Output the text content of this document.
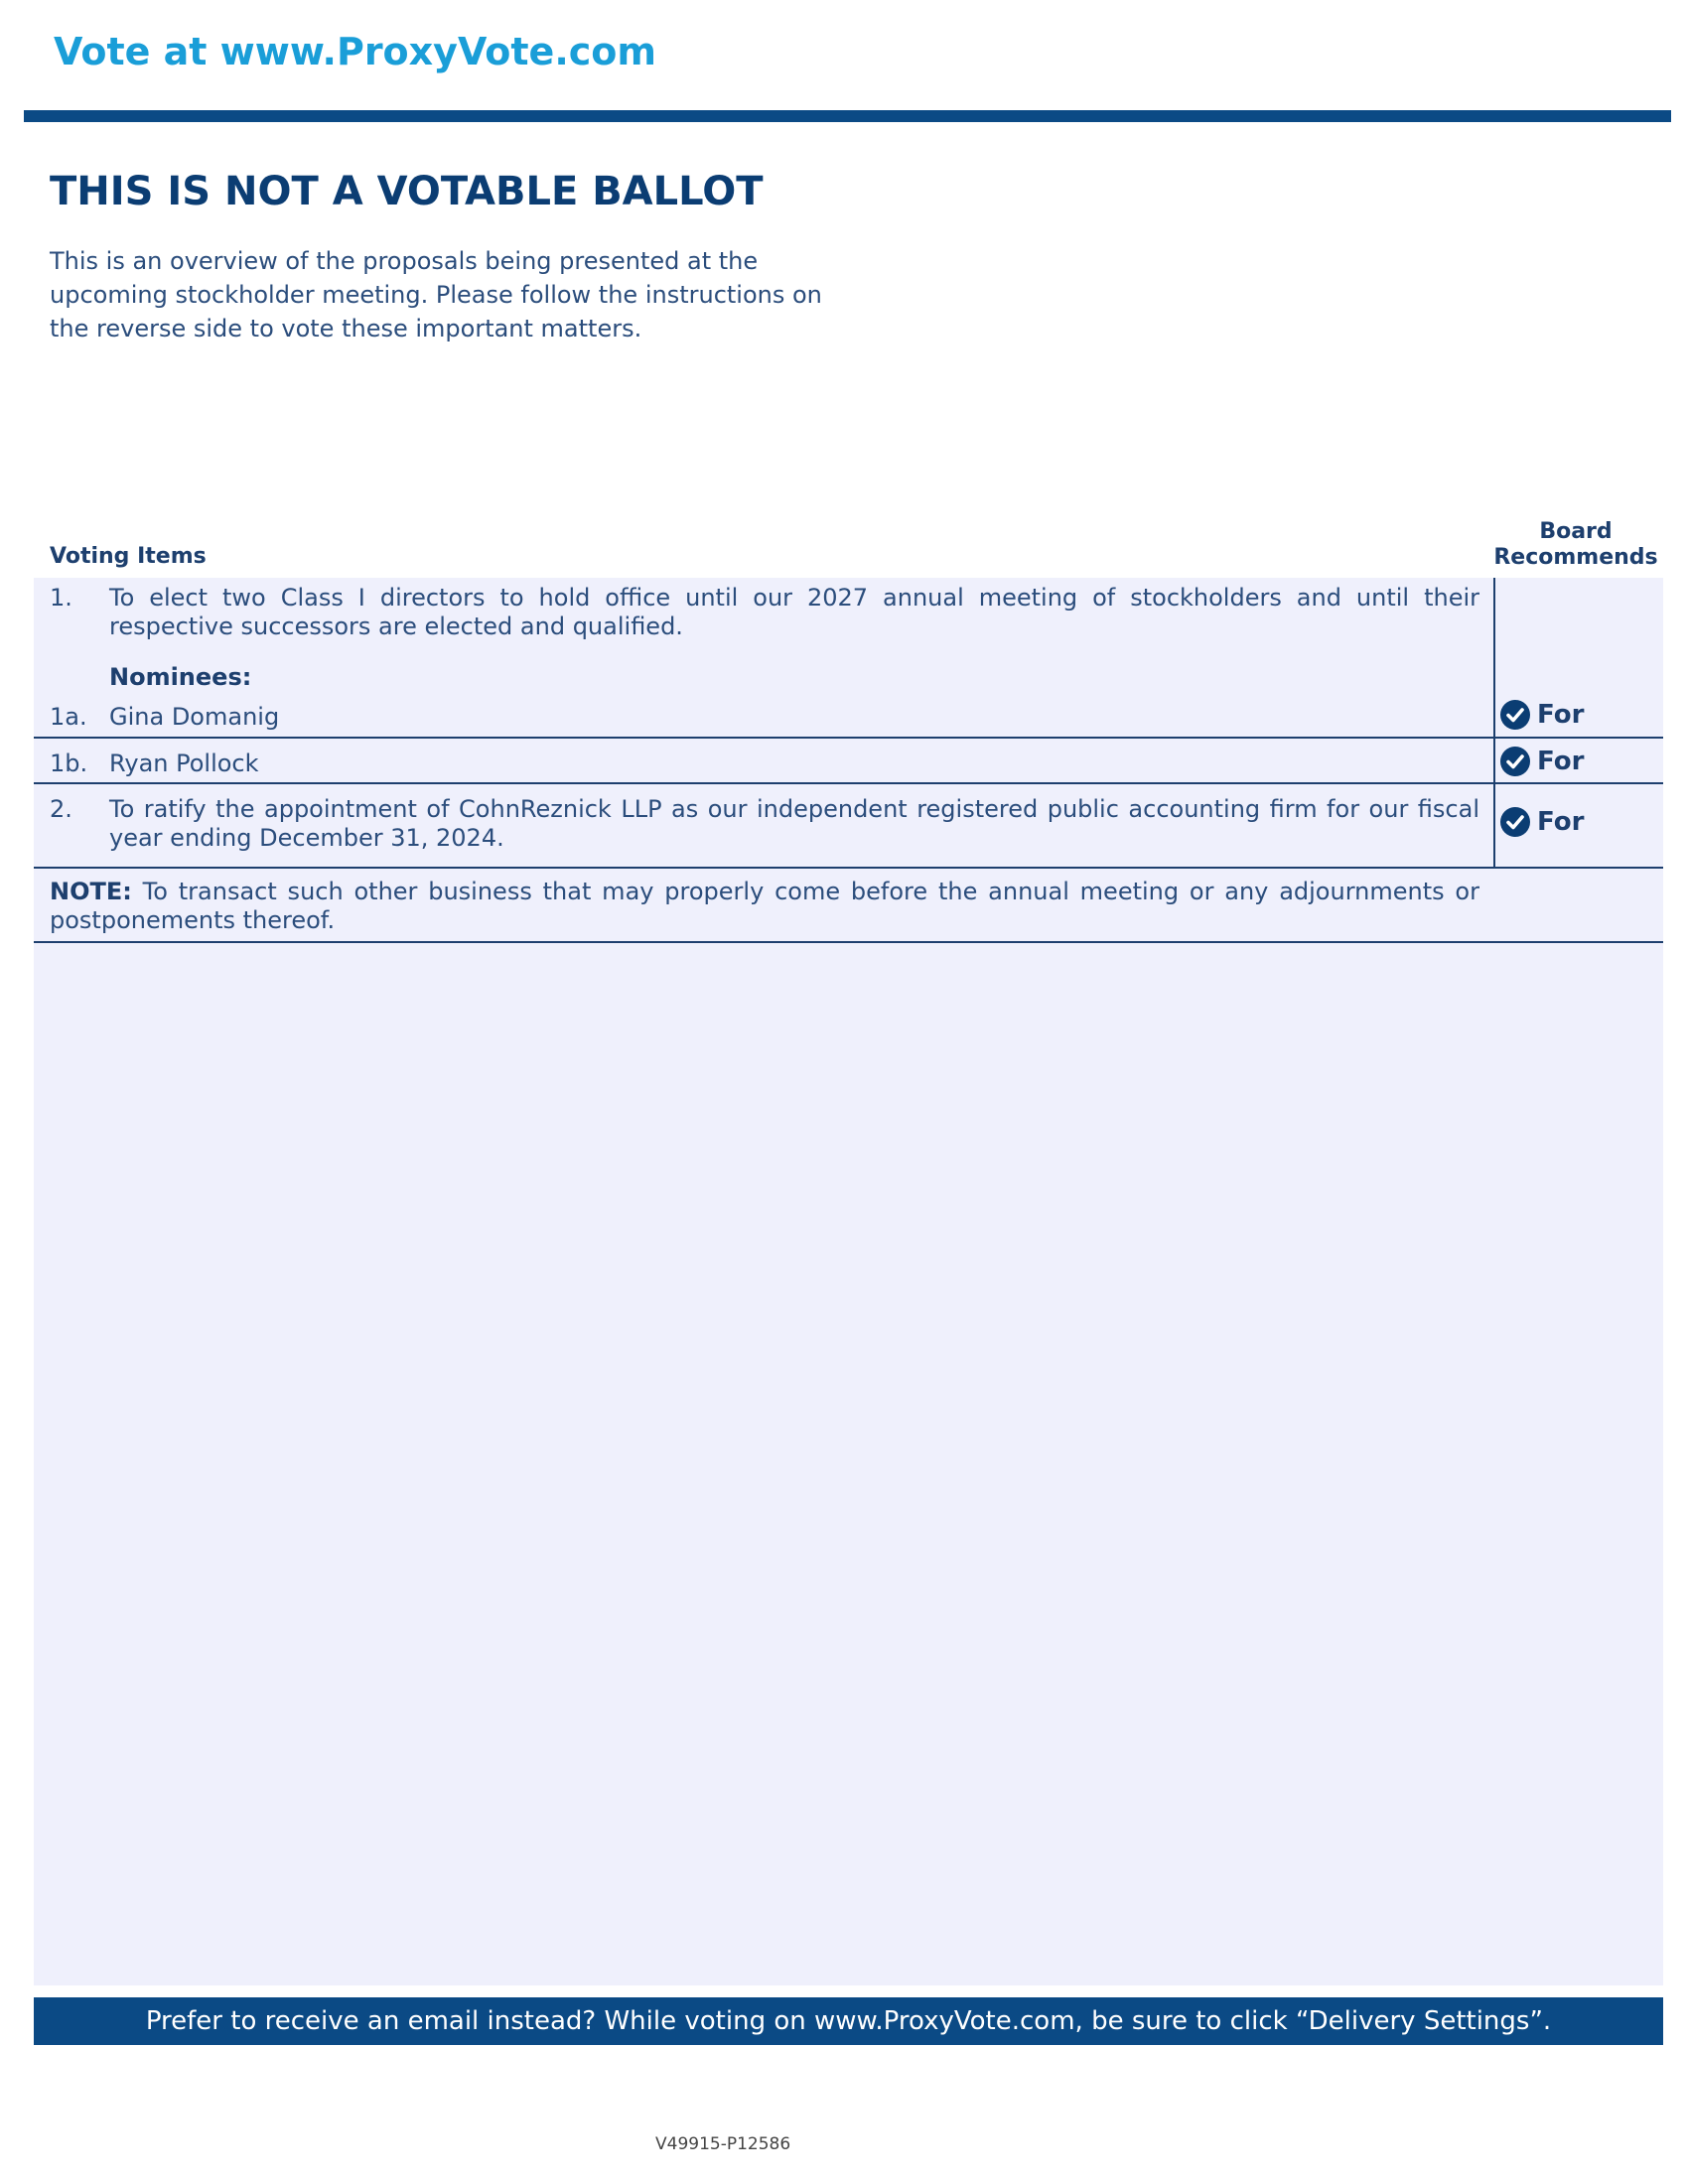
Vote at www.ProxyVote.com
THIS IS NOT A VOTABLE BALLOT
This is an overview of the proposals being presented at the
upcoming stockholder meeting. Please follow the instructions on
the reverse side to vote these important matters.
Voting Items
Board
Recommends
1. To elect two Class I directors to hold office until our 2027 annual meeting of stockholders and until their respective successors are elected and qualified.
Nominees:
1a. Gina Domanig	For
1b. Ryan Pollock	For
2. To ratify the appointment of CohnReznick LLP as our independent registered public accounting firm for our fiscal year ending December 31, 2024.
For
NOTE: To transact such other business that may properly come before the annual meeting or any adjournments or postponements thereof.
Prefer to receive an email instead? While voting on www.ProxyVote.com, be sure to click “Delivery Settings”.
V49915-P12586
